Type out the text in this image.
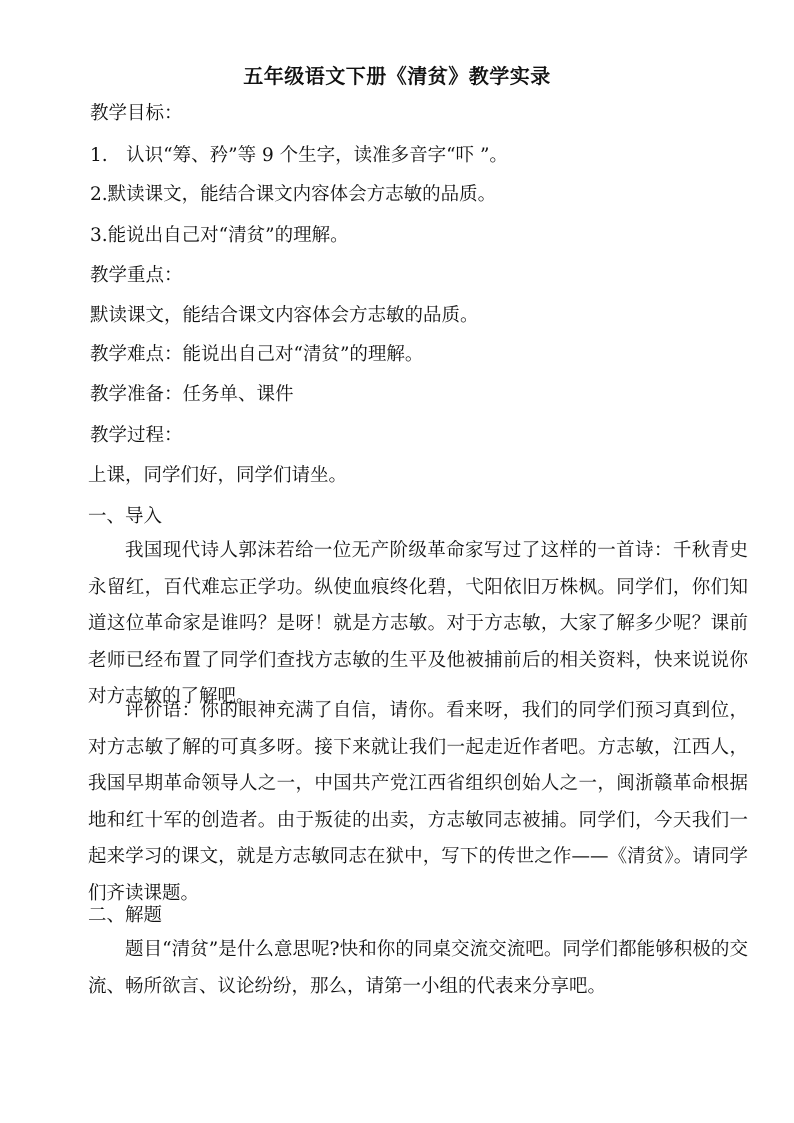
五年级语文下册《清贫》教学实录
教学目标：
1.　认识“筹、矜”等 9 个生字，读准多音字“吓 ”。
2.默读课文，能结合课文内容体会方志敏的品质。
3.能说出自己对“清贫”的理解。
教学重点：
默读课文，能结合课文内容体会方志敏的品质。
教学难点：能说出自己对“清贫”的理解。
教学准备：任务单、课件
教学过程：
上课，同学们好，同学们请坐。
一、导入
我国现代诗人郭沫若给一位无产阶级革命家写过了这样的一首诗：千秋青史永留红，百代难忘正学功。纵使血痕终化碧，弋阳依旧万株枫。同学们，你们知道这位革命家是谁吗？是呀！就是方志敏。对于方志敏，大家了解多少呢？课前老师已经布置了同学们查找方志敏的生平及他被捕前后的相关资料，快来说说你对方志敏的了解吧。
评价语：你的眼神充满了自信，请你。看来呀，我们的同学们预习真到位，对方志敏了解的可真多呀。接下来就让我们一起走近作者吧。方志敏，江西人，我国早期革命领导人之一，中国共产党江西省组织创始人之一，闽浙赣革命根据地和红十军的创造者。由于叛徒的出卖，方志敏同志被捕。同学们，今天我们一起来学习的课文，就是方志敏同志在狱中，写下的传世之作——《清贫》。请同学们齐读课题。
二、解题
题目“清贫”是什么意思呢?快和你的同桌交流交流吧。同学们都能够积极的交流、畅所欲言、议论纷纷，那么，请第一小组的代表来分享吧。
